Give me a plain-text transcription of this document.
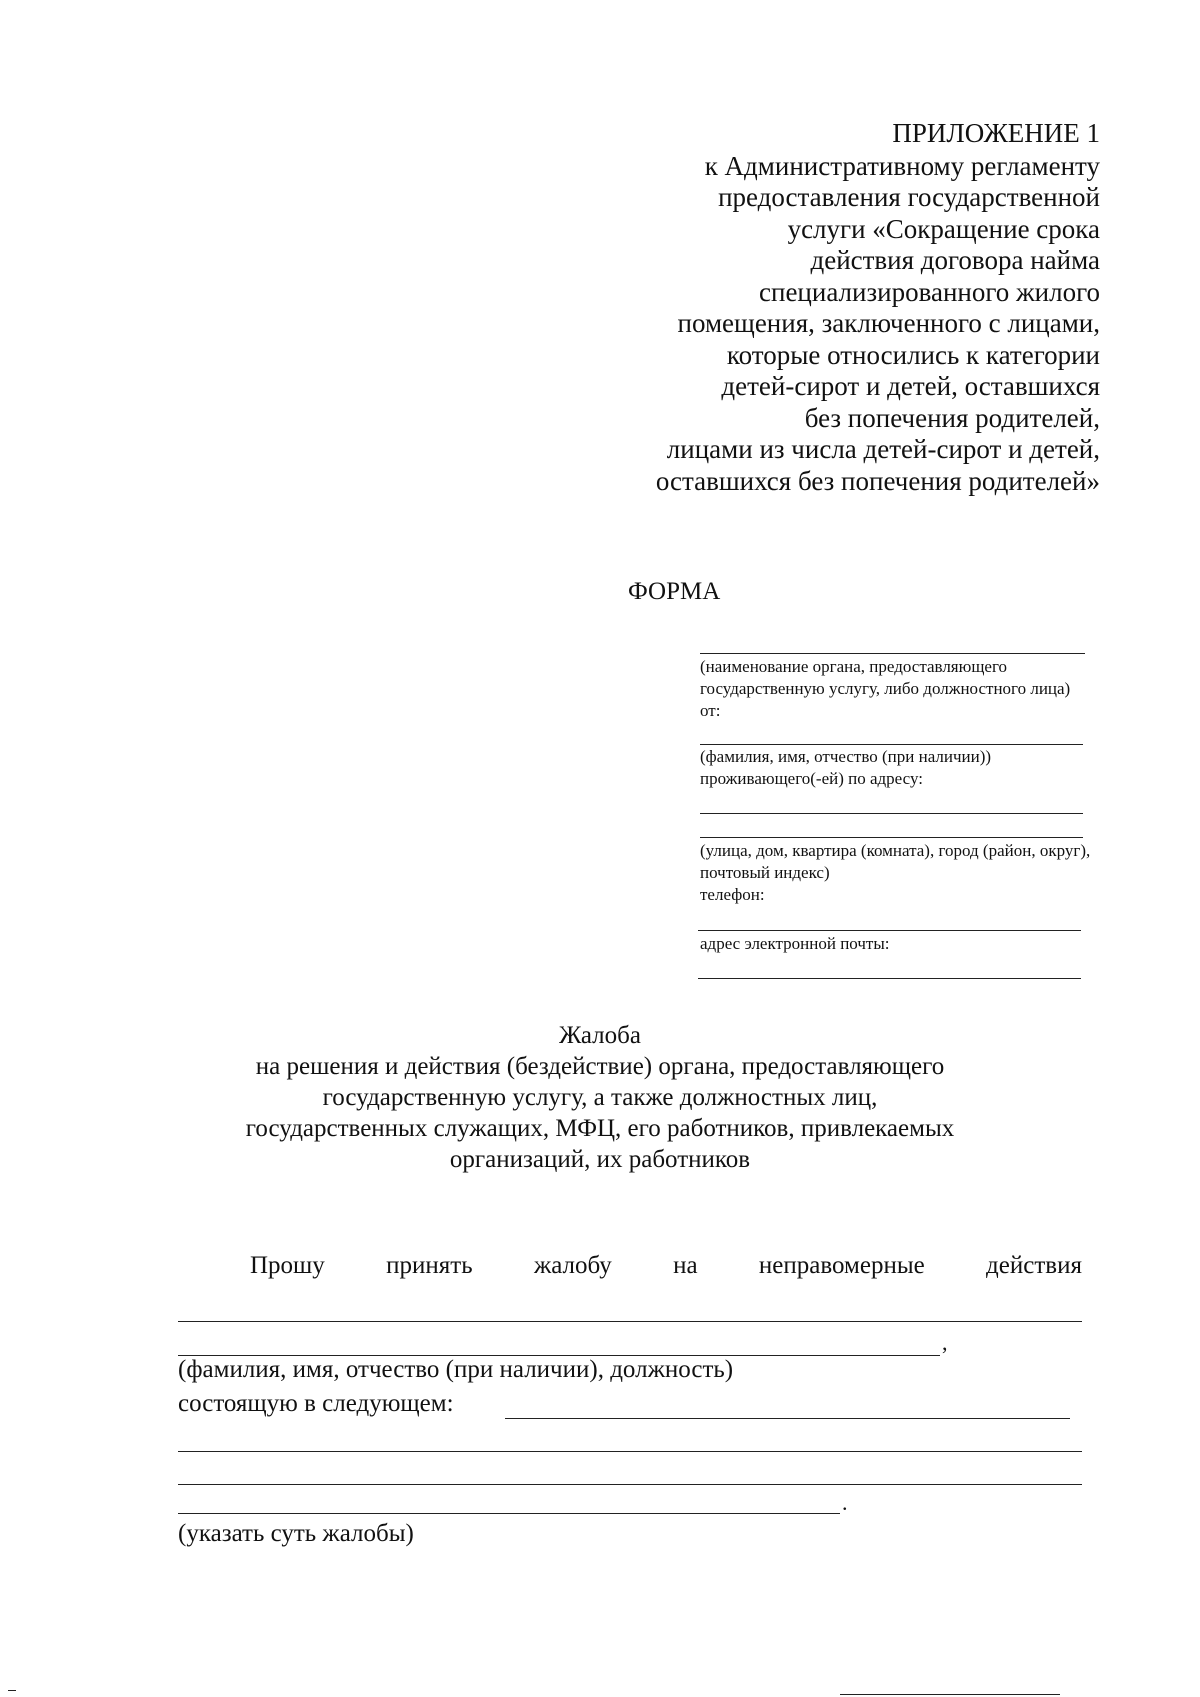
ПРИЛОЖЕНИЕ 1
к Административному регламенту
предоставления государственной
услуги «Сокращение срока
действия договора найма
специализированного жилого
помещения, заключенного с лицами,
которые относились к категории
детей-сирот и детей, оставшихся
без попечения родителей,
лицами из числа детей-сирот и детей,
оставшихся без попечения родителей»
ФОРМА
(наименование органа, предоставляющего
государственную услугу, либо должностного лица)
от:
(фамилия, имя, отчество (при наличии))
проживающего(-ей) по адресу:
(улица, дом, квартира (комната), город (район, округ),
почтовый индекс)
телефон:
адрес электронной почты:
Жалоба
на решения и действия (бездействие) органа, предоставляющего
государственную услугу, а также должностных лиц,
государственных служащих, МФЦ, его работников, привлекаемых
организаций, их работников
Прошу принять жалобу на неправомерные действия
,
(фамилия, имя, отчество (при наличии), должность)
состоящую в следующем:
.
(указать суть жалобы)
